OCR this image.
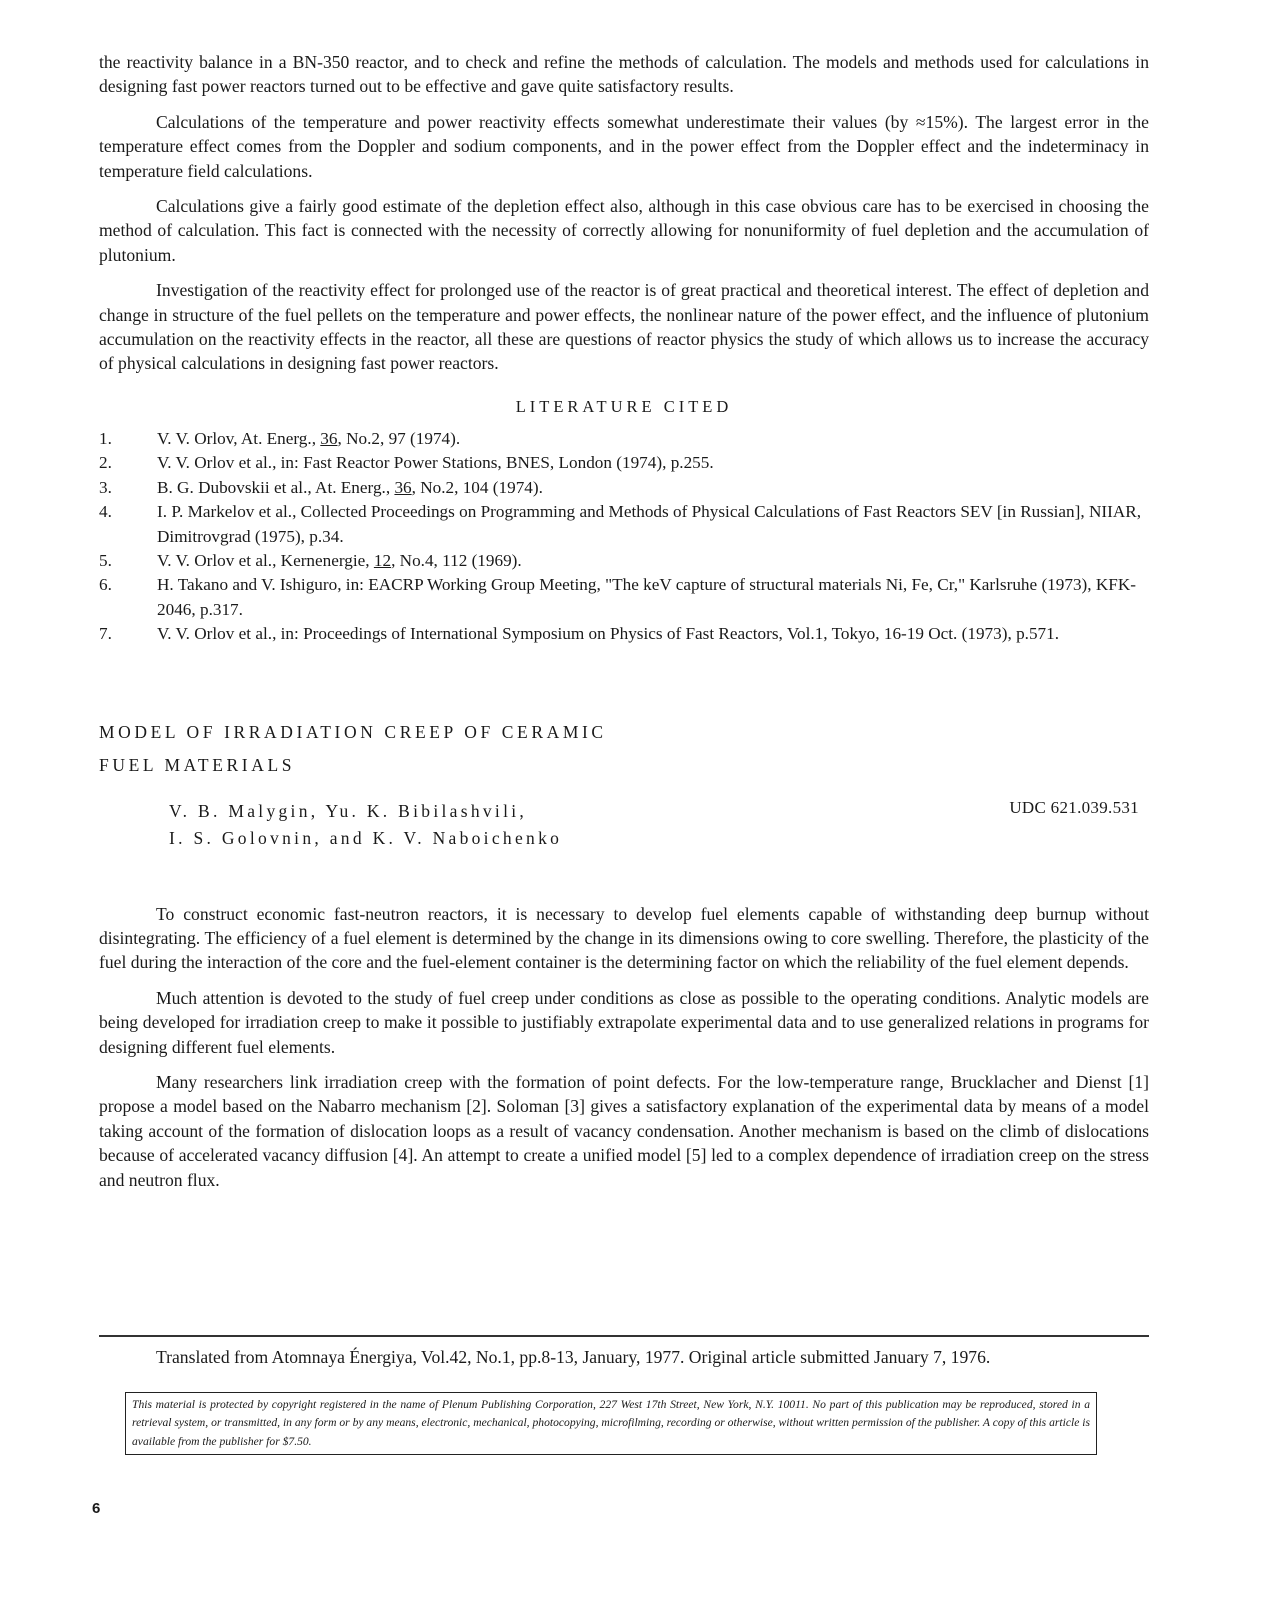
the reactivity balance in a BN-350 reactor, and to check and refine the methods of calculation. The models and methods used for calculations in designing fast power reactors turned out to be effective and gave quite satisfactory results.

Calculations of the temperature and power reactivity effects somewhat underestimate their values (by ≈15%). The largest error in the temperature effect comes from the Doppler and sodium components, and in the power effect from the Doppler effect and the indeterminacy in temperature field calculations.

Calculations give a fairly good estimate of the depletion effect also, although in this case obvious care has to be exercised in choosing the method of calculation. This fact is connected with the necessity of correctly allowing for nonuniformity of fuel depletion and the accumulation of plutonium.

Investigation of the reactivity effect for prolonged use of the reactor is of great practical and theoretical interest. The effect of depletion and change in structure of the fuel pellets on the temperature and power effects, the nonlinear nature of the power effect, and the influence of plutonium accumulation on the reactivity effects in the reactor, all these are questions of reactor physics the study of which allows us to increase the accuracy of physical calculations in designing fast power reactors.

LITERATURE CITED
1.	V. V. Orlov, At. Energ., 36, No.2, 97 (1974).
2.	V. V. Orlov et al., in: Fast Reactor Power Stations, BNES, London (1974), p.255.
3.	B. G. Dubovskii et al., At. Energ., 36, No.2, 104 (1974).
4.	I. P. Markelov et al., Collected Proceedings on Programming and Methods of Physical Calculations of Fast Reactors SEV [in Russian], NIIAR, Dimitrovgrad (1975), p.34.
5.	V. V. Orlov et al., Kernenergie, 12, No.4, 112 (1969).
6.	H. Takano and V. Ishiguro, in: EACRP Working Group Meeting, "The keV capture of structural materials Ni, Fe, Cr," Karlsruhe (1973), KFK-2046, p.317.
7.	V. V. Orlov et al., in: Proceedings of International Symposium on Physics of Fast Reactors, Vol.1, Tokyo, 16-19 Oct. (1973), p.571.
MODEL OF IRRADIATION CREEP OF CERAMIC
FUEL MATERIALS
V. B. Malygin, Yu. K. Bibilashvili,
I. S. Golovnin, and K. V. Naboichenko
UDC 621.039.531

To construct economic fast-neutron reactors, it is necessary to develop fuel elements capable of withstanding deep burnup without disintegrating. The efficiency of a fuel element is determined by the change in its dimensions owing to core swelling. Therefore, the plasticity of the fuel during the interaction of the core and the fuel-element container is the determining factor on which the reliability of the fuel element depends.

Much attention is devoted to the study of fuel creep under conditions as close as possible to the operating conditions. Analytic models are being developed for irradiation creep to make it possible to justifiably extrapolate experimental data and to use generalized relations in programs for designing different fuel elements.

Many researchers link irradiation creep with the formation of point defects. For the low-temperature range, Brucklacher and Dienst [1] propose a model based on the Nabarro mechanism [2]. Soloman [3] gives a satisfactory explanation of the experimental data by means of a model taking account of the formation of dislocation loops as a result of vacancy condensation. Another mechanism is based on the climb of dislocations because of accelerated vacancy diffusion [4]. An attempt to create a unified model [5] led to a complex dependence of irradiation creep on the stress and neutron flux.

Translated from Atomnaya Énergiya, Vol.42, No.1, pp.8-13, January, 1977. Original article submitted January 7, 1976.

This material is protected by copyright registered in the name of Plenum Publishing Corporation, 227 West 17th Street, New York, N.Y. 10011. No part of this publication may be reproduced, stored in a retrieval system, or transmitted, in any form or by any means, electronic, mechanical, photocopying, microfilming, recording or otherwise, without written permission of the publisher. A copy of this article is available from the publisher for $7.50.
6
